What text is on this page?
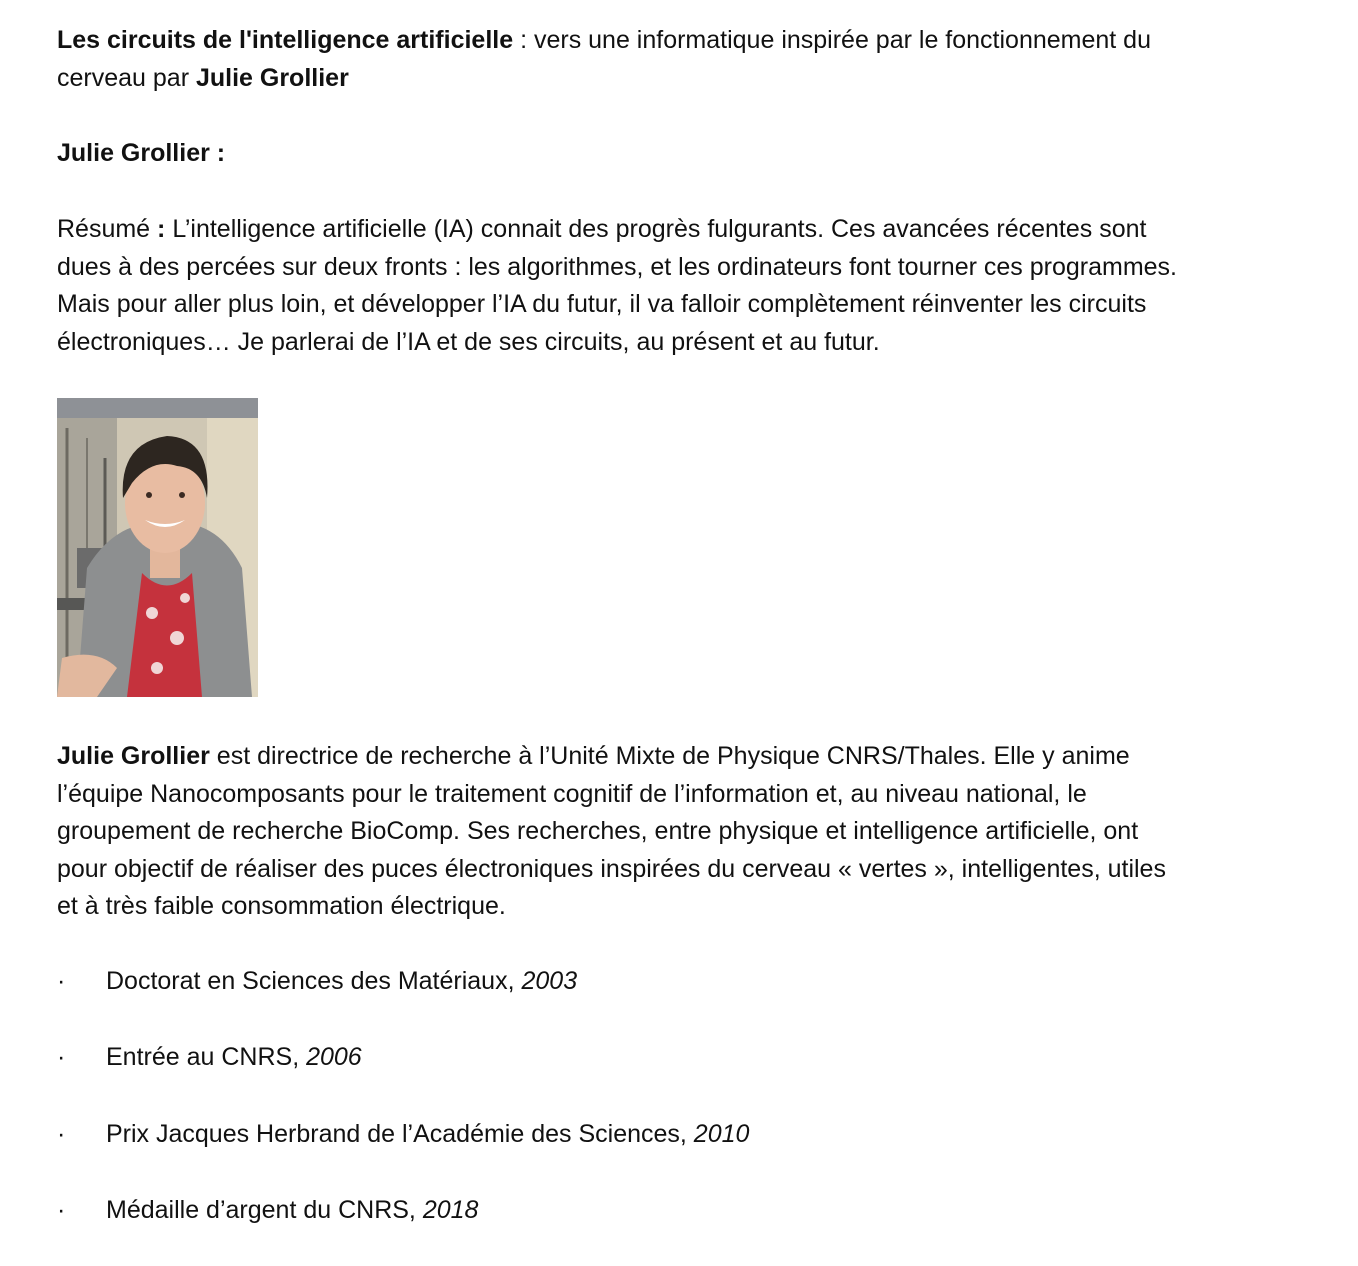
Les circuits de l'intelligence artificielle : vers une informatique inspirée par le fonctionnement du
cerveau par Julie Grollier
Julie Grollier :
Résumé : L’intelligence artificielle (IA) connait des progrès fulgurants. Ces avancées récentes sont
dues à des percées sur deux fronts : les algorithmes, et les ordinateurs font tourner ces programmes.
Mais pour aller plus loin, et développer l’IA du futur, il va falloir complètement réinventer les circuits
électroniques… Je parlerai de l’IA et de ses circuits, au présent et au futur.
Julie Grollier est directrice de recherche à l’Unité Mixte de Physique CNRS/Thales. Elle y anime
l’équipe Nanocomposants pour le traitement cognitif de l’information et, au niveau national, le
groupement de recherche BioComp. Ses recherches, entre physique et intelligence artificielle, ont
pour objectif de réaliser des puces électroniques inspirées du cerveau « vertes », intelligentes, utiles
et à très faible consommation électrique.
· Doctorat en Sciences des Matériaux, 2003
· Entrée au CNRS, 2006
· Prix Jacques Herbrand de l’Académie des Sciences, 2010
· Médaille d’argent du CNRS, 2018
